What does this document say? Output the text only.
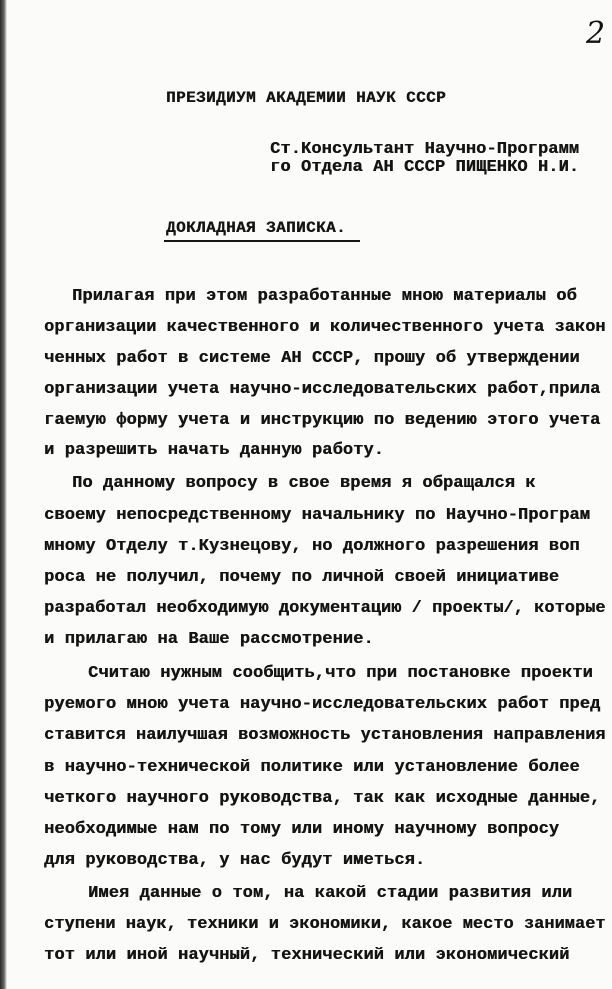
2
ПРЕЗИДИУМ АКАДЕМИИ НАУК СССР
Ст.Консультант Научно-Программ
го Отдела АН СССР ПИЩЕНКО Н.И.
ДОКЛАДНАЯ ЗАПИСКА.
Прилагая при этом разработанные мною материалы об
организации качественного и количественного учета закон
ченных работ в системе АН СССР, прошу об утверждении
организации учета научно-исследовательских работ,прила
гаемую форму учета и инструкцию по ведению этого учета
и разрешить начать данную работу.
По данному вопросу в свое время я обращался к
своему непосредственному начальнику по Научно-Програм
мному Отделу т.Кузнецову, но должного разрешения воп
роса не получил, почему по личной своей инициативе
разработал необходимую документацию / проекты/, которые
и прилагаю на Ваше рассмотрение.
Считаю нужным сообщить,что при постановке проекти
руемого мною учета научно-исследовательских работ пред
ставится наилучшая возможность установления направления
в научно-технической политике или установление более
четкого научного руководства, так как исходные данные,
необходимые нам по тому или иному научному вопросу
для руководства, у нас будут иметься.
Имея данные о том, на какой стадии развития или
ступени наук, техники и экономики, какое место занимает
тот или иной научный, технический или экономический
